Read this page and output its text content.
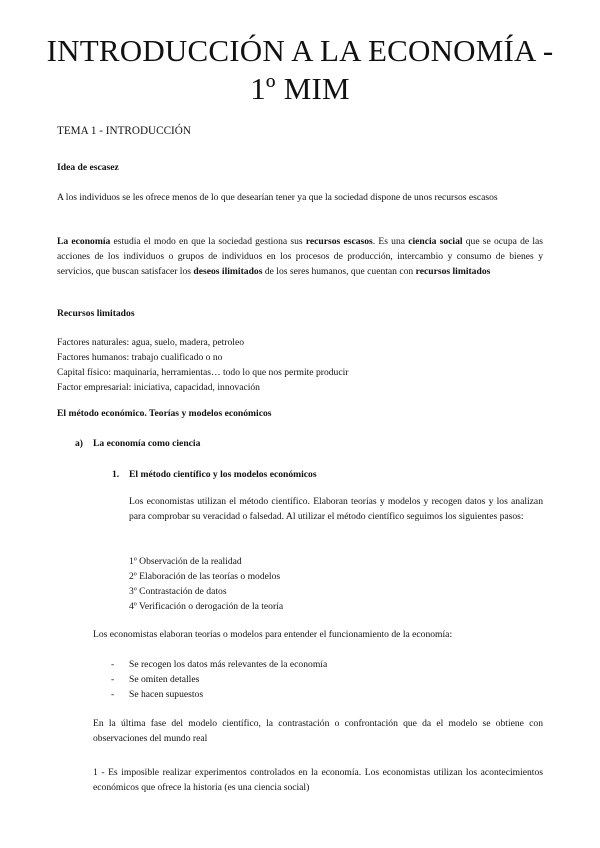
INTRODUCCIÓN A LA ECONOMÍA -
1º MIM
TEMA 1 - INTRODUCCIÓN
Idea de escasez
A los individuos se les ofrece menos de lo que desearían tener ya que la sociedad dispone de unos recursos escasos
La economía estudia el modo en que la sociedad gestiona sus recursos escasos. Es una ciencia social que se ocupa de las acciones de los individuos o grupos de individuos en los procesos de producción, intercambio y consumo de bienes y servicios, que buscan satisfacer los deseos ilimitados de los seres humanos, que cuentan con recursos limitados
Recursos limitados
Factores naturales: agua, suelo, madera, petroleo
Factores humanos: trabajo cualificado o no
Capital físico: maquinaria, herramientas… todo lo que nos permite producir
Factor empresarial: iniciativa, capacidad, innovación
El método económico. Teorías y modelos económicos
a) La economía como ciencia
1. El método científico y los modelos económicos
Los economistas utilizan el método científico. Elaboran teorías y modelos y recogen datos y los analizan para comprobar su veracidad o falsedad. Al utilizar el método científico seguimos los siguientes pasos:
1º Observación de la realidad
2º Elaboración de las teorías o modelos
3º Contrastación de datos
4º Verificación o derogación de la teoría
Los economistas elaboran teorías o modelos para entender el funcionamiento de la economía:
-
-
-
Se recogen los datos más relevantes de la economía
Se omiten detalles
Se hacen supuestos
En la última fase del modelo científico, la contrastación o confrontación que da el modelo se obtiene con observaciones del mundo real
1 - Es imposible realizar experimentos controlados en la economía. Los economistas utilizan los acontecimientos económicos que ofrece la historia (es una ciencia social)
